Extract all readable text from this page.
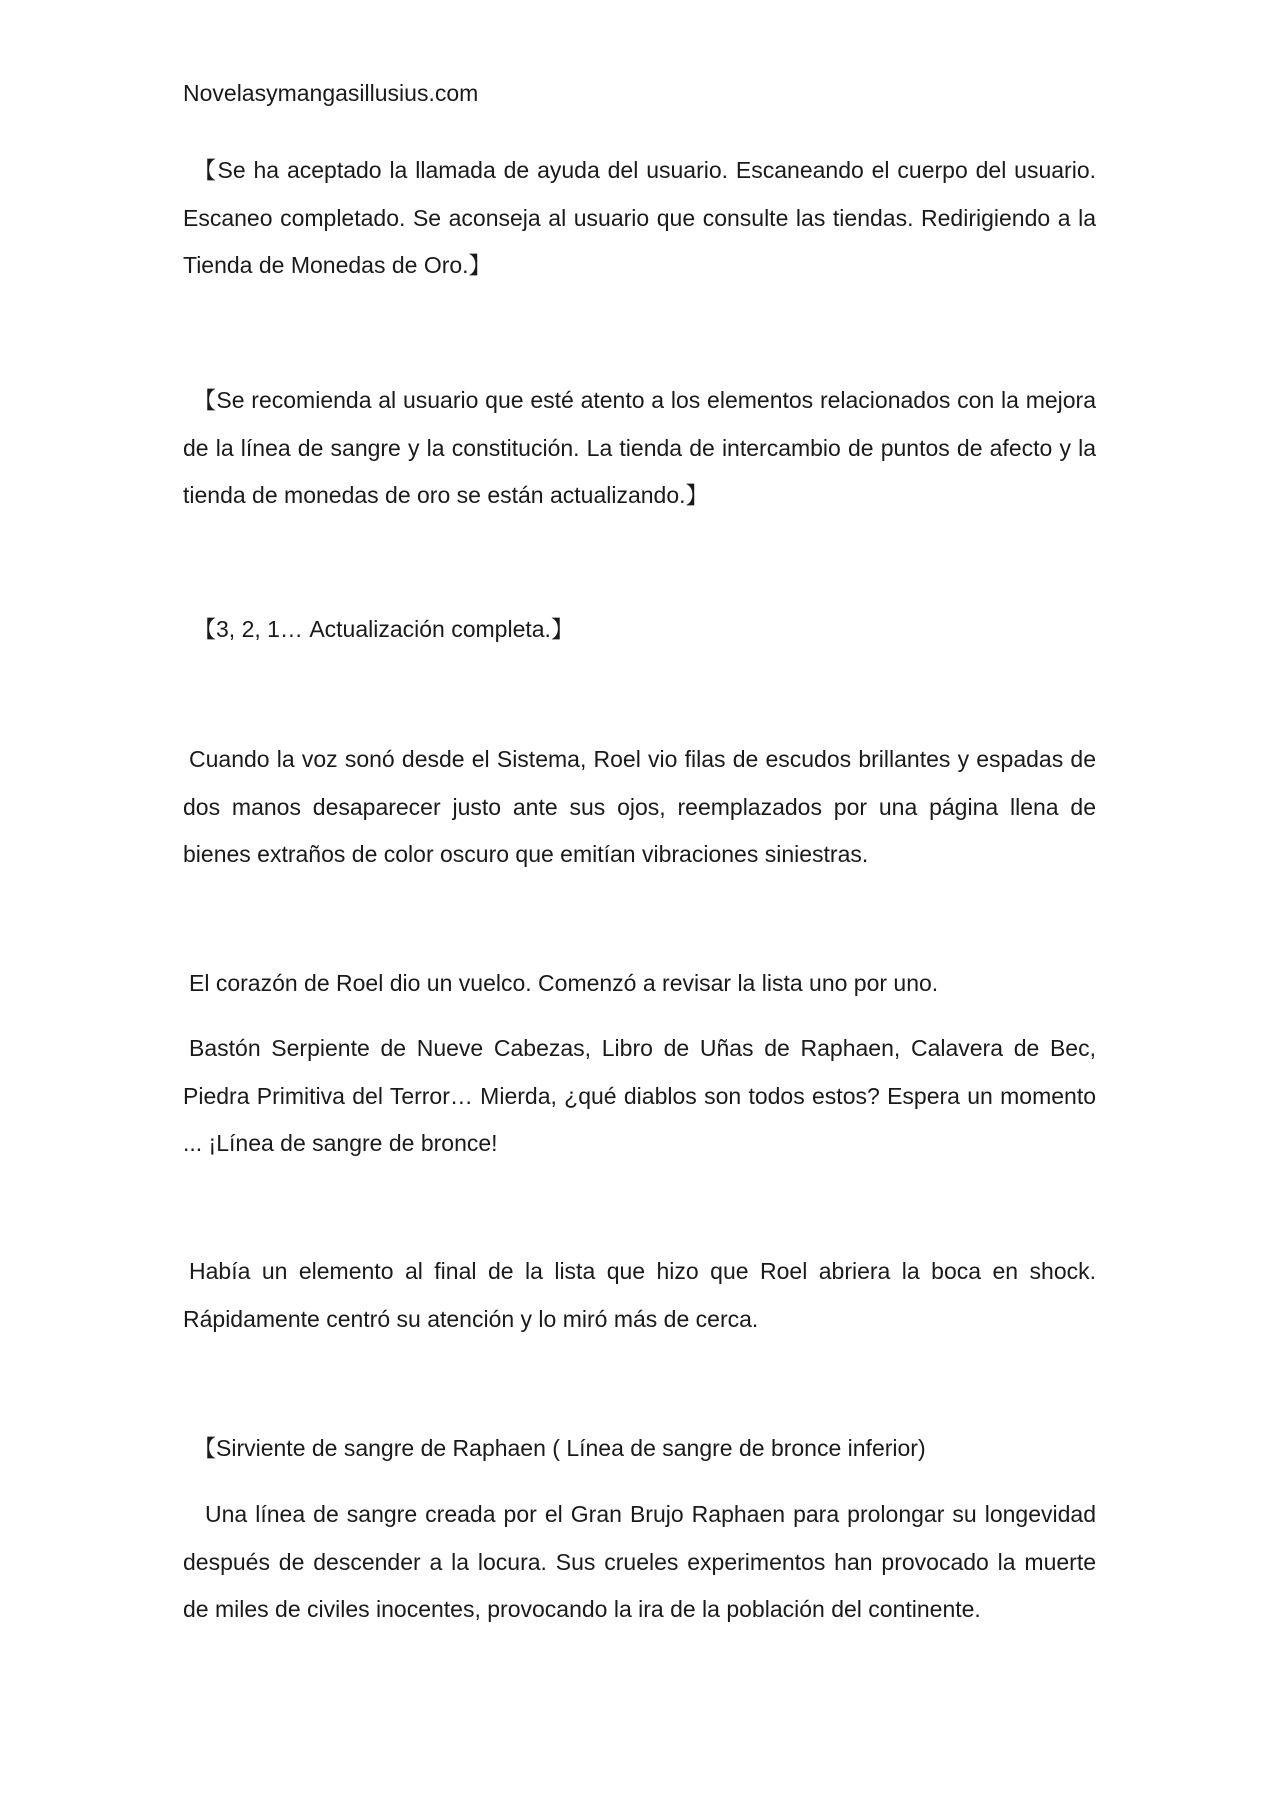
Novelasymangasillusius.com

【Se ha aceptado la llamada de ayuda del usuario. Escaneando el cuerpo del usuario. Escaneo completado. Se aconseja al usuario que consulte las tiendas. Redirigiendo a la Tienda de Monedas de Oro.】

【Se recomienda al usuario que esté atento a los elementos relacionados con la mejora de la línea de sangre y la constitución. La tienda de intercambio de puntos de afecto y la tienda de monedas de oro se están actualizando.】

【3, 2, 1… Actualización completa.】

Cuando la voz sonó desde el Sistema, Roel vio filas de escudos brillantes y espadas de dos manos desaparecer justo ante sus ojos, reemplazados por una página llena de bienes extraños de color oscuro que emitían vibraciones siniestras.

El corazón de Roel dio un vuelco. Comenzó a revisar la lista uno por uno.

Bastón Serpiente de Nueve Cabezas, Libro de Uñas de Raphaen, Calavera de Bec, Piedra Primitiva del Terror… Mierda, ¿qué diablos son todos estos? Espera un momento ... ¡Línea de sangre de bronce!

Había un elemento al final de la lista que hizo que Roel abriera la boca en shock. Rápidamente centró su atención y lo miró más de cerca.

【Sirviente de sangre de Raphaen ( Línea de sangre de bronce inferior)

Una línea de sangre creada por el Gran Brujo Raphaen para prolongar su longevidad después de descender a la locura. Sus crueles experimentos han provocado la muerte de miles de civiles inocentes, provocando la ira de la población del continente.
